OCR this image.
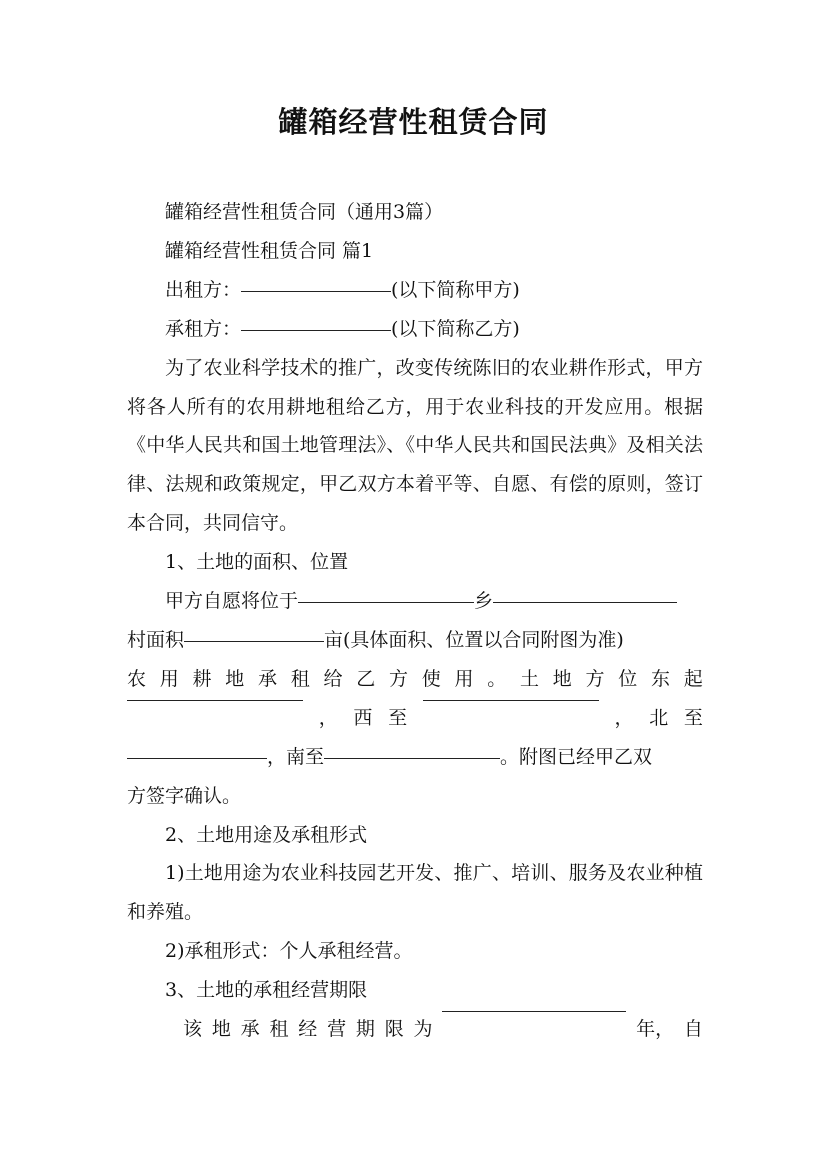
罐箱经营性租赁合同
罐箱经营性租赁合同（通用3篇）
罐箱经营性租赁合同 篇1
出租方：	(以下简称甲方)
承租方：	(以下简称乙方)

为了农业科学技术的推广，改变传统陈旧的农业耕作形式，甲方将各人所有的农用耕地租给乙方，用于农业科技的开发应用。根据《中华人民共和国土地管理法》、《中华人民共和国民法典》及相关法律、法规和政策规定，甲乙双方本着平等、自愿、有偿的原则，签订本合同，共同信守。

1、土地的面积、位置
甲方自愿将位于	乡
村面积	亩(具体面积、位置以合同附图为准)
农 用 耕 地 承 租 给 乙 方 使 用 。 土 地 方 位 东 起
， 西 至	， 北 至
，南至	。附图已经甲乙双
方签字确认。
2、土地用途及承租形式

1)土地用途为农业科技园艺开发、推广、培训、服务及农业种植和养殖。

2)承租形式：个人承租经营。
3、土地的承租经营期限
该 地 承 租 经 营 期 限 为	年， 自
